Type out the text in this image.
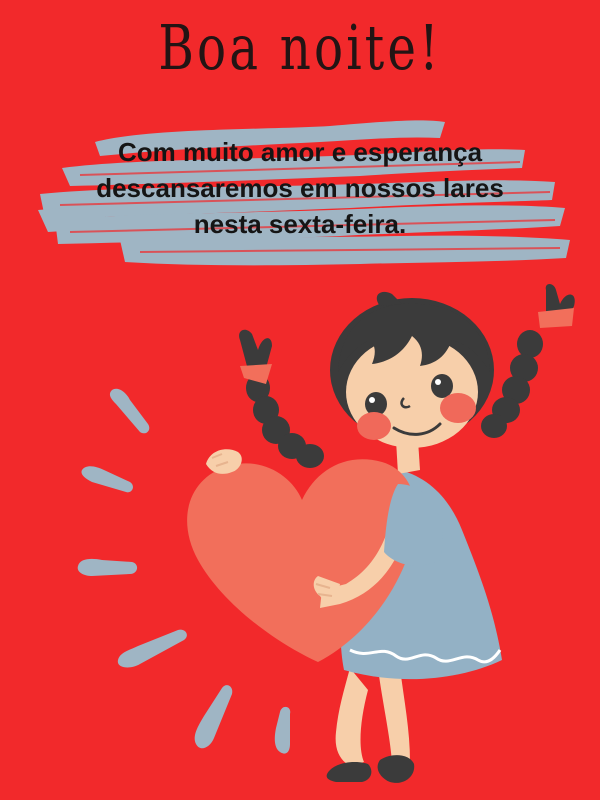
Boa noite!
Com muito amor e esperança descansaremos em nossos lares nesta sexta-feira.
